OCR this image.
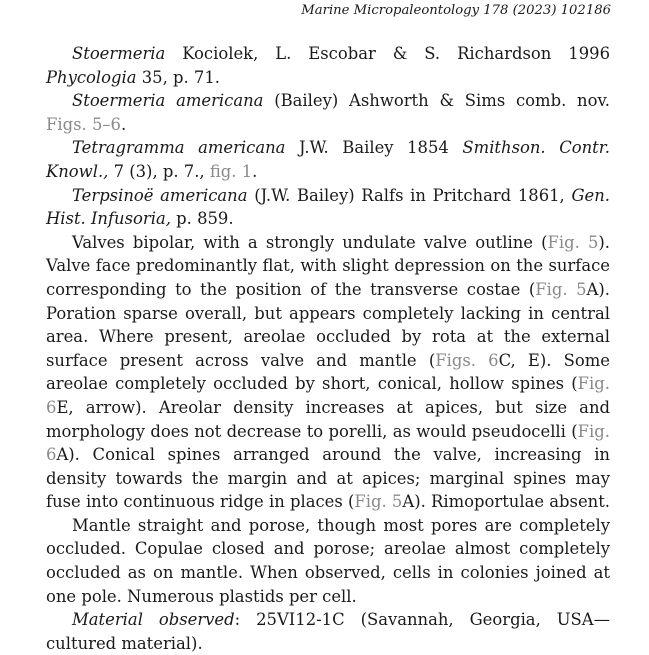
Marine Micropaleontology 178 (2023) 102186

Stoermeria Kociolek, L. Escobar & S. Richardson 1996 Phycologia 35, p. 71.

Stoermeria americana (Bailey) Ashworth & Sims comb. nov. Figs. 5–6.

Tetragramma americana J.W. Bailey 1854 Smithson. Contr. Knowl., 7 (3), p. 7., fig. 1.

Terpsinoë americana (J.W. Bailey) Ralfs in Pritchard 1861, Gen. Hist. Infusoria, p. 859.

Valves bipolar, with a strongly undulate valve outline (Fig. 5). Valve face predominantly flat, with slight depression on the surface corresponding to the position of the transverse costae (Fig. 5A). Poration sparse overall, but appears completely lacking in central area. Where present, areolae occluded by rota at the external surface present across valve and mantle (Figs. 6C, E). Some areolae completely occluded by short, conical, hollow spines (Fig. 6E, arrow). Areolar density increases at apices, but size and morphology does not decrease to porelli, as would pseudocelli (Fig. 6A). Conical spines arranged around the valve, increasing in density towards the margin and at apices; marginal spines may fuse into continuous ridge in places (Fig. 5A). Rimoportulae absent.

Mantle straight and porose, though most pores are completely occluded. Copulae closed and porose; areolae almost completely occluded as on mantle. When observed, cells in colonies joined at one pole. Numerous plastids per cell.

Material observed: 25VI12-1C (Savannah, Georgia, USA—cultured material).
